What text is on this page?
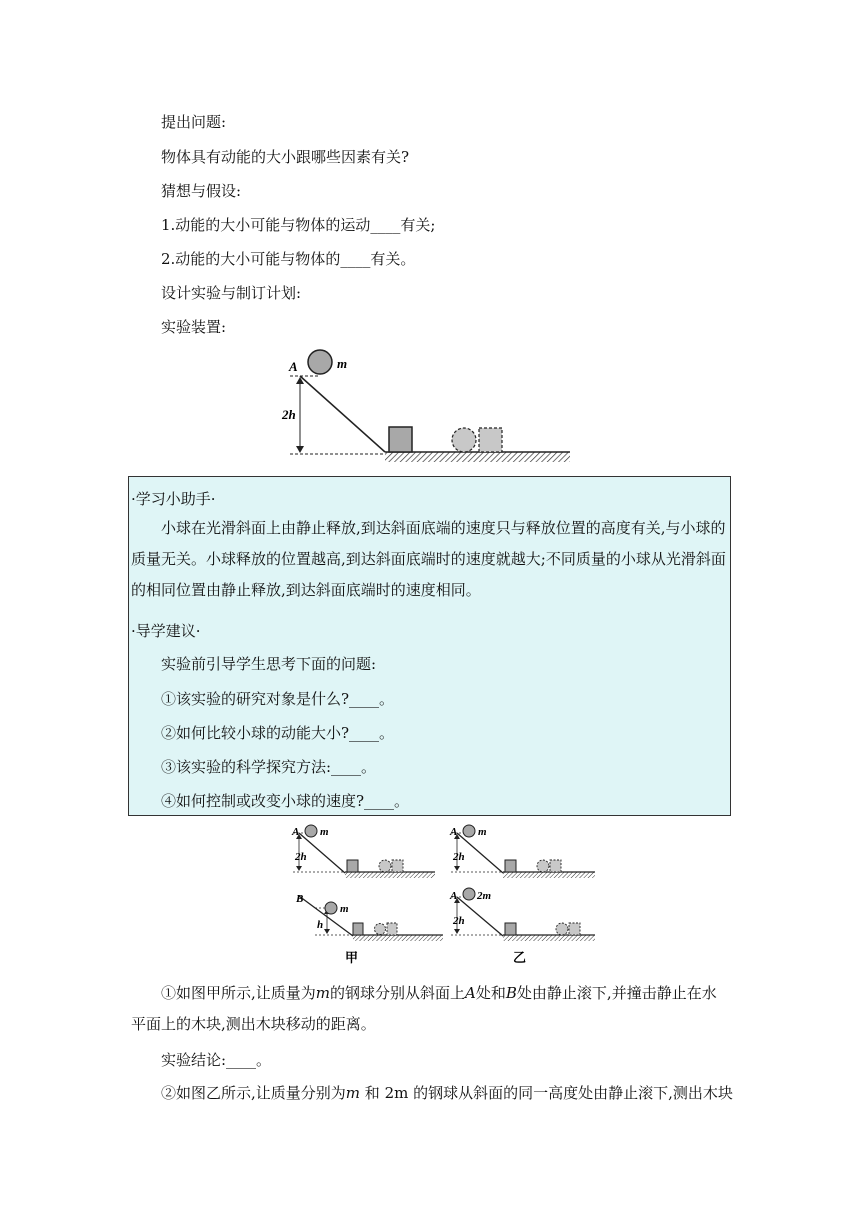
提出问题:
物体具有动能的大小跟哪些因素有关?
猜想与假设:
1.动能的大小可能与物体的运动____有关;
2.动能的大小可能与物体的____有关。
设计实验与制订计划:
实验装置:
A	m
2h
·学习小助手·
小球在光滑斜面上由静止释放,到达斜面底端的速度只与释放位置的高度有关,与小球的质量无关。小球释放的位置越高,到达斜面底端时的速度就越大;不同质量的小球从光滑斜面的相同位置由静止释放,到达斜面底端时的速度相同。
·导学建议·
实验前引导学生思考下面的问题:
①该实验的研究对象是什么?____。
②如何比较小球的动能大小?____。
③该实验的科学探究方法:____。
④如何控制或改变小球的速度?____。
A m
2h
B
m
h
A m
2h
A 2m
2h
甲	乙
①如图甲所示,让质量为m的钢球分别从斜面上A处和B处由静止滚下,并撞击静止在水平面上的木块,测出木块移动的距离。
实验结论:____。
②如图乙所示,让质量分别为m 和 2m 的钢球从斜面的同一高度处由静止滚下,测出木块
